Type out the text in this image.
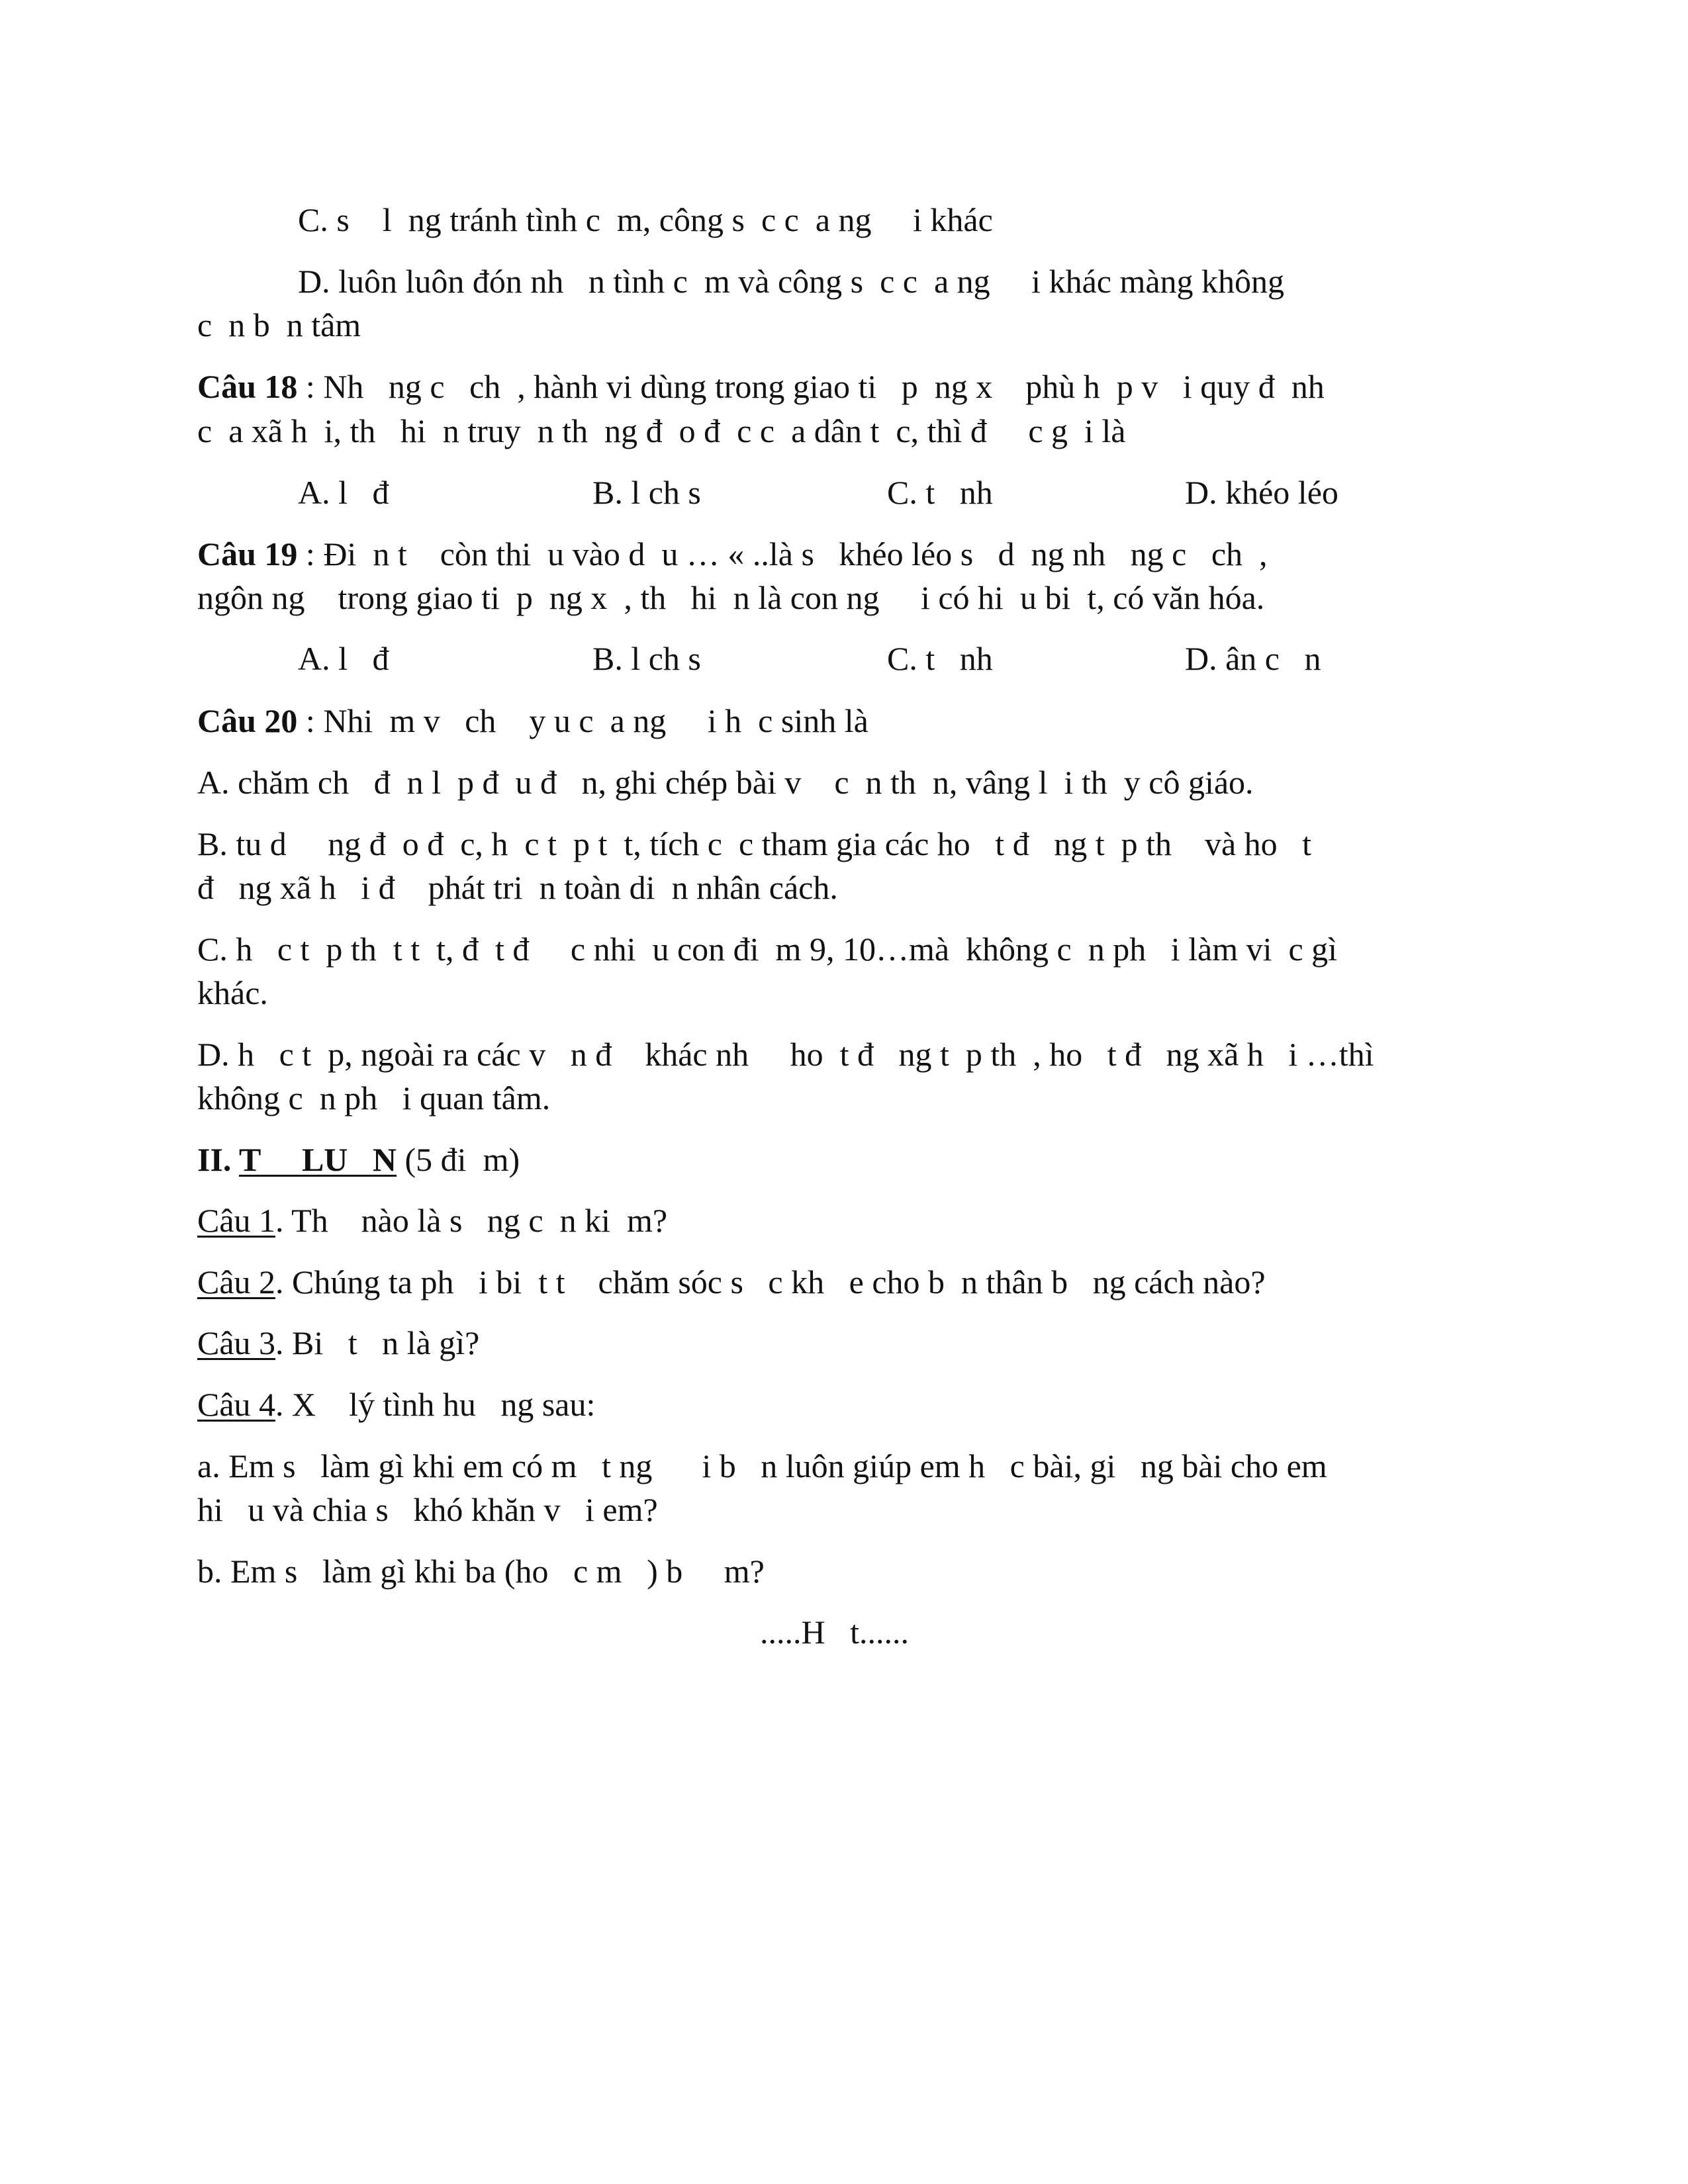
C. s    l  ng tránh tình c  m, công s  c c  a ng     i khác
D. luôn luôn đón nh   n tình c  m và công s  c c  a ng     i khác màng không
c  n b  n tâm
Câu 18 : Nh   ng c   ch  , hành vi dùng trong giao ti   p  ng x    phù h  p v   i quy đ  nh
c  a xã h  i, th   hi  n truy  n th  ng đ  o đ  c c  a dân t  c, thì đ     c g  i là
A. l   đ	B. l ch s	C. t   nh	D. khéo léo
Câu 19 : Đi  n t    còn thi  u vào d  u … « ..là s   khéo léo s   d  ng nh   ng c   ch  ,
ngôn ng    trong giao ti  p  ng x  , th   hi  n là con ng     i có hi  u bi  t, có văn hóa.
A. l   đ	B. l ch s	C. t   nh	D. ân c   n
Câu 20 : Nhi  m v   ch    y u c  a ng     i h  c sinh là
A. chăm ch   đ  n l  p đ  u đ   n, ghi chép bài v    c  n th  n, vâng l  i th  y cô giáo.
B. tu d     ng đ  o đ  c, h  c t  p t  t, tích c  c tham gia các ho   t đ   ng t  p th    và ho   t
đ   ng xã h   i đ    phát tri  n toàn di  n nhân cách.
C. h   c t  p th  t t  t, đ  t đ     c nhi  u con đi  m 9, 10…mà  không c  n ph   i làm vi  c gì
khác.
D. h   c t  p, ngoài ra các v   n đ    khác nh     ho  t đ   ng t  p th  , ho   t đ   ng xã h   i …thì
không c  n ph   i quan tâm.
II. T     LU   N (5 đi  m)
Câu 1. Th    nào là s   ng c  n ki  m?
Câu 2. Chúng ta ph   i bi  t t    chăm sóc s   c kh   e cho b  n thân b   ng cách nào?
Câu 3. Bi   t   n là gì?
Câu 4. X    lý tình hu   ng sau:
a. Em s   làm gì khi em có m   t ng      i b   n luôn giúp em h   c bài, gi   ng bài cho em
hi   u và chia s   khó khăn v   i em?
b. Em s   làm gì khi ba (ho   c m   ) b     m?
.....H   t......
